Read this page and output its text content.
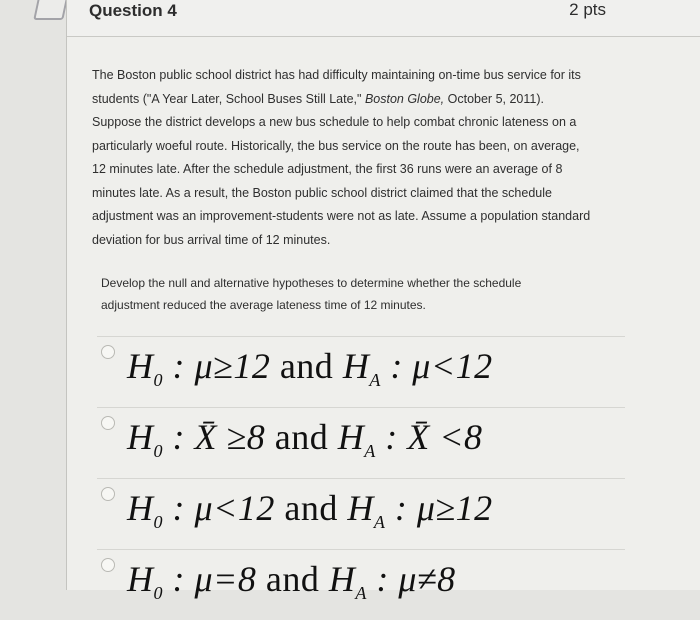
Question 4	2 pts
The Boston public school district has had difficulty maintaining on-time bus service for its
students ("A Year Later, School Buses Still Late," Boston Globe, October 5, 2011).
Suppose the district develops a new bus schedule to help combat chronic lateness on a
particularly woeful route. Historically, the bus service on the route has been, on average,
12 minutes late. After the schedule adjustment, the first 36 runs were an average of 8
minutes late. As a result, the Boston public school district claimed that the schedule
adjustment was an improvement-students were not as late. Assume a population standard
deviation for bus arrival time of 12 minutes.
Develop the null and alternative hypotheses to determine whether the schedule
adjustment reduced the average lateness time of 12 minutes.
$H_0$ : μ≥12 and $H_A$ : μ<12
$H_0$ : X̄ ≥8 and $H_A$ : X̄ <8
$H_0$ : μ<12 and $H_A$ : μ≥12
$H_0$ : μ=8 and $H_A$ : μ≠8
